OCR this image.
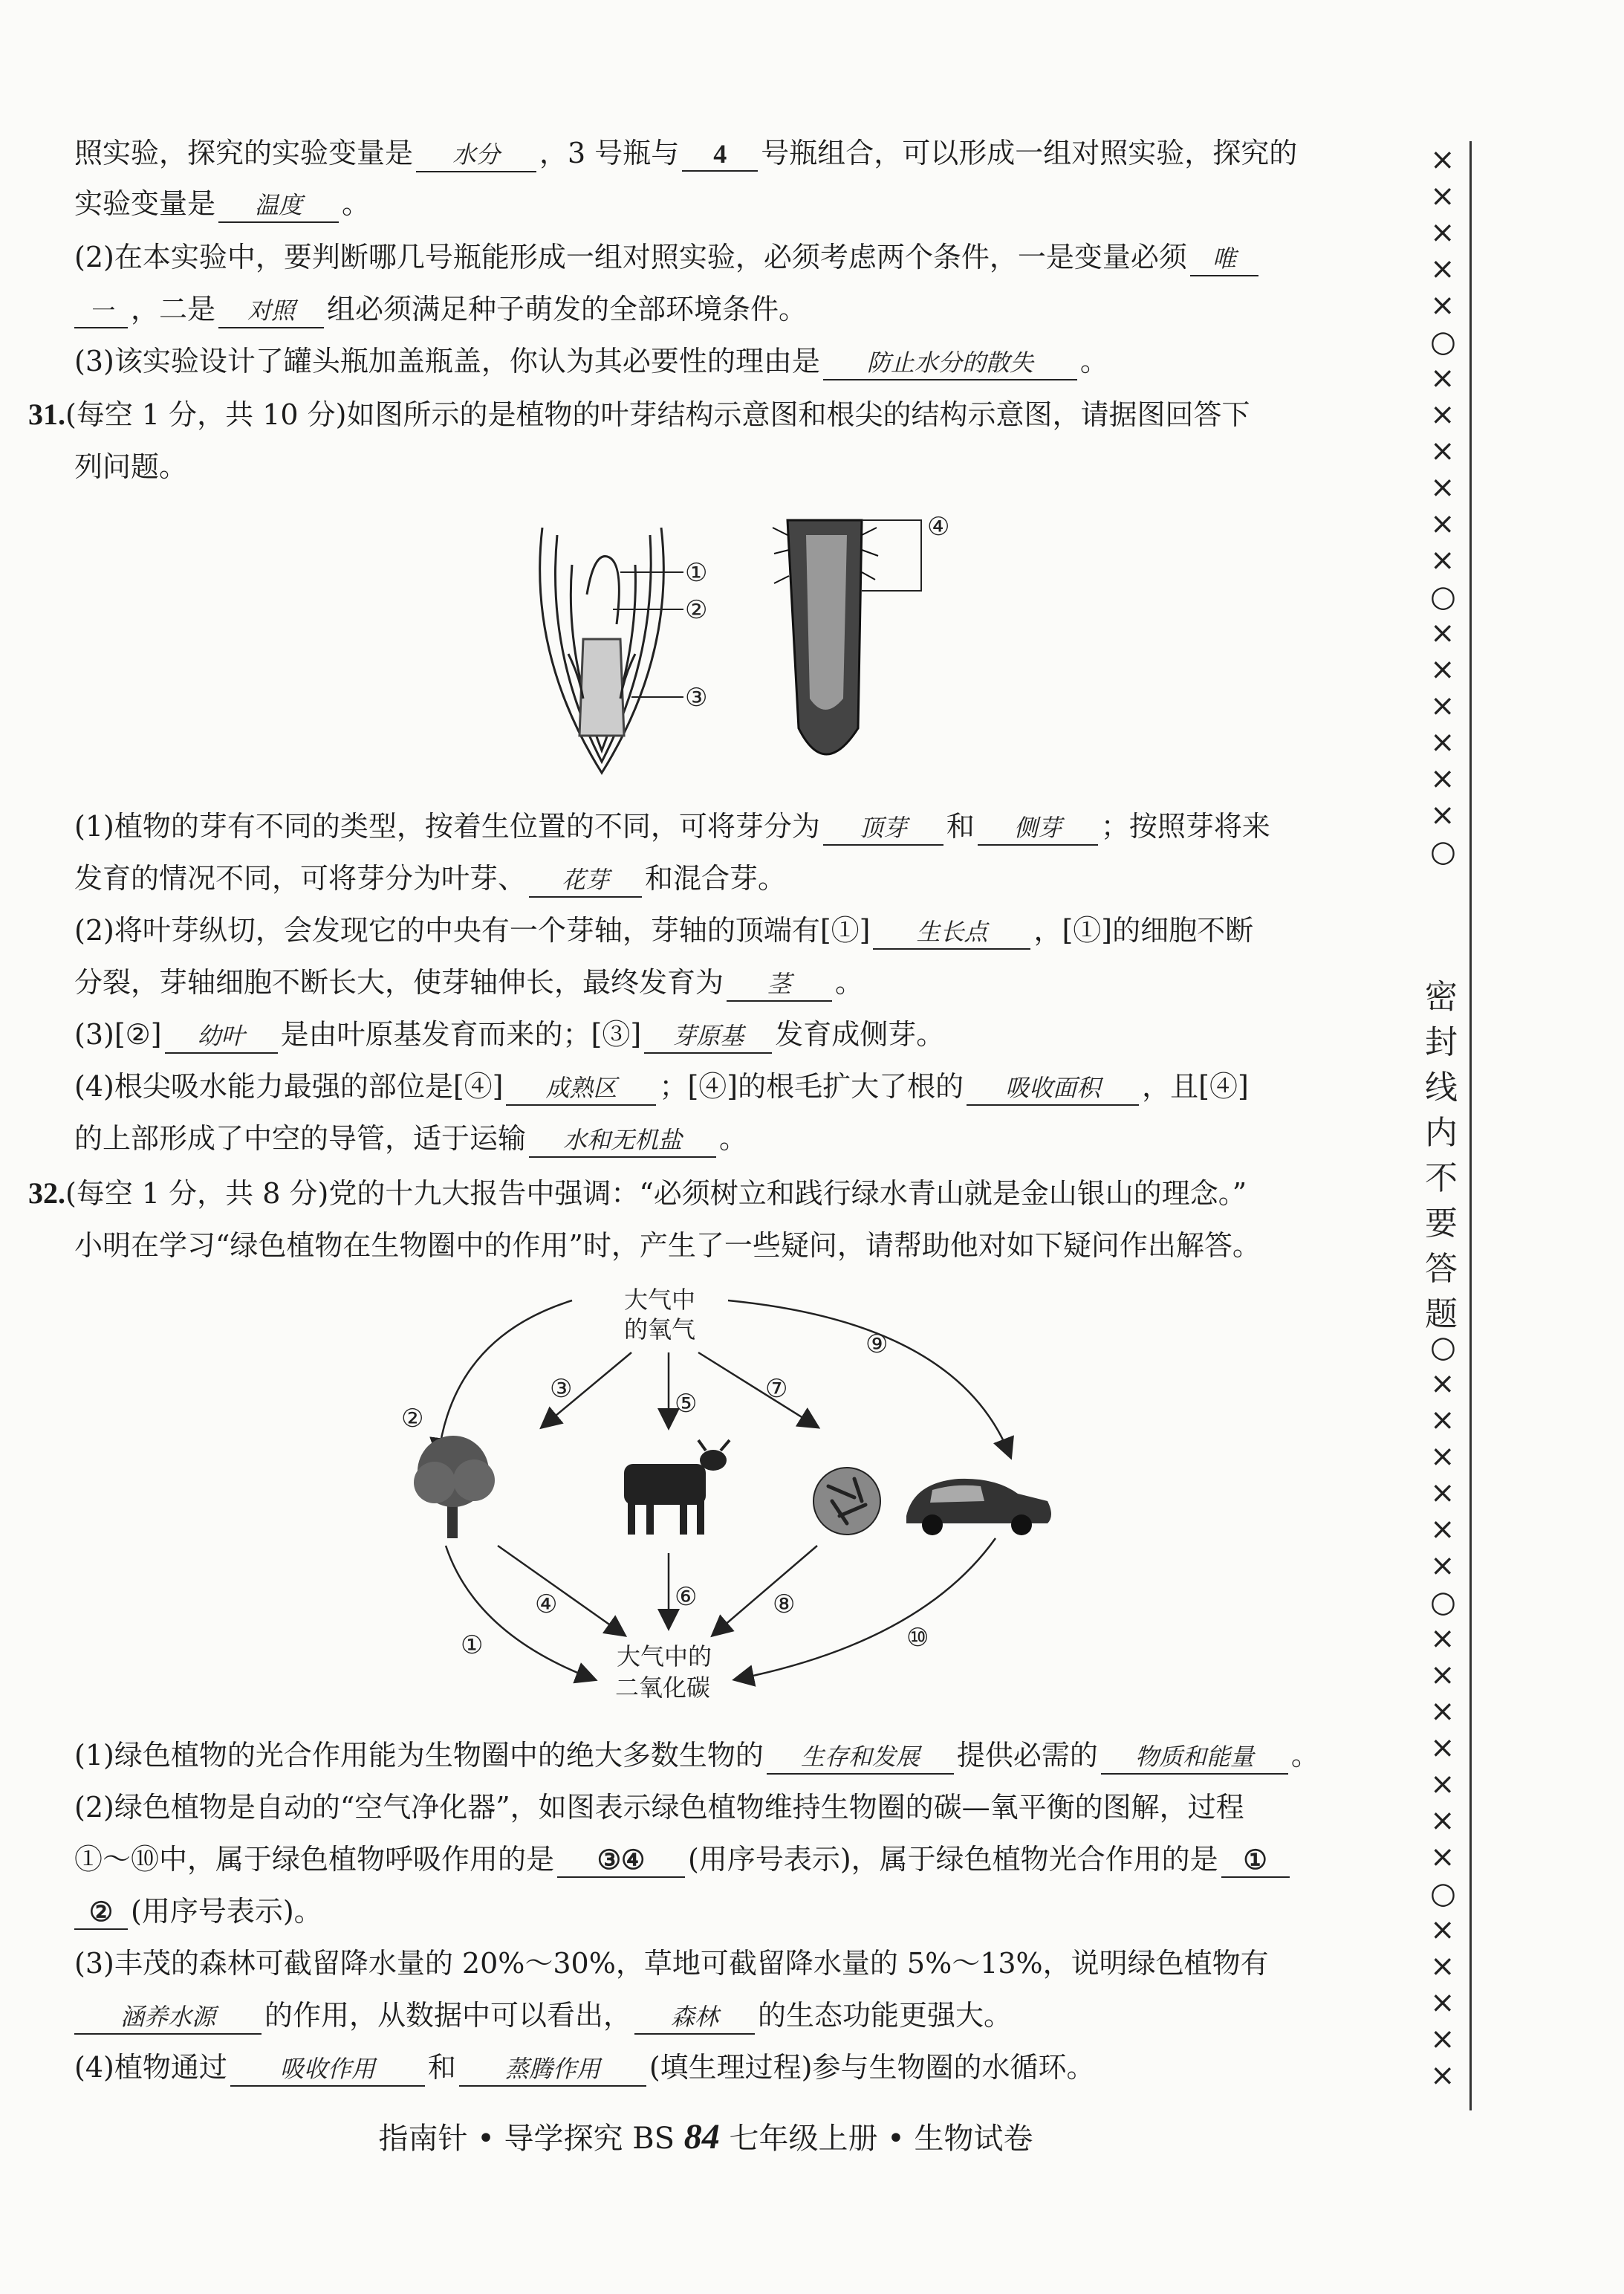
照实验，探究的实验变量是 水分 ，3 号瓶与 4 号瓶组合，可以形成一组对照实验，探究的
实验变量是 温度 。
(2)在本实验中，要判断哪几号瓶能形成一组对照实验，必须考虑两个条件，一是变量必须 唯
一 ，二是 对照 组必须满足种子萌发的全部环境条件。
(3)该实验设计了罐头瓶加盖瓶盖，你认为其必要性的理由是 防止水分的散失 。
31.(每空 1 分，共 10 分)如图所示的是植物的叶芽结构示意图和根尖的结构示意图，请据图回答下
列问题。
①
②
③
④
(1)植物的芽有不同的类型，按着生位置的不同，可将芽分为 顶芽 和 侧芽 ；按照芽将来
发育的情况不同，可将芽分为叶芽、 花芽 和混合芽。
(2)将叶芽纵切，会发现它的中央有一个芽轴，芽轴的顶端有[①] 生长点 ，[①]的细胞不断
分裂，芽轴细胞不断长大，使芽轴伸长，最终发育为 茎 。
(3)[②] 幼叶 是由叶原基发育而来的；[③] 芽原基 发育成侧芽。
(4)根尖吸水能力最强的部位是[④] 成熟区 ；[④]的根毛扩大了根的 吸收面积 ，且[④]
的上部形成了中空的导管，适于运输 水和无机盐 。
32.(每空 1 分，共 8 分)党的十九大报告中强调：“必须树立和践行绿水青山就是金山银山的理念。”
小明在学习“绿色植物在生物圈中的作用”时，产生了一些疑问，请帮助他对如下疑问作出解答。
大气中
的氧气
大气中的
二氧化碳
②
③	⑤	⑦
⑨
④	⑥	⑧
①	⑩
(1)绿色植物的光合作用能为生物圈中的绝大多数生物的 生存和发展 提供必需的 物质和能量 。
(2)绿色植物是自动的“空气净化器”，如图表示绿色植物维持生物圈的碳—氧平衡的图解，过程
①～⑩中，属于绿色植物呼吸作用的是 ③④ (用序号表示)，属于绿色植物光合作用的是 ①
② (用序号表示)。
(3)丰茂的森林可截留降水量的 20%～30%，草地可截留降水量的 5%～13%，说明绿色植物有
涵养水源 的作用，从数据中可以看出， 森林 的生态功能更强大。
(4)植物通过 吸收作用 和 蒸腾作用 (填生理过程)参与生物圈的水循环。
指南针 • 导学探究 BS 84 七年级上册 • 生物试卷
×
×
×
×
×
○
×
×
×
×
×
×
○
×
×
×
×
×
×
○
密
封
线
内
不
要
答
题
○
×
×
×
×
×
×
○
×
×
×
×
×
×
×
○
×
×
×
×
×
